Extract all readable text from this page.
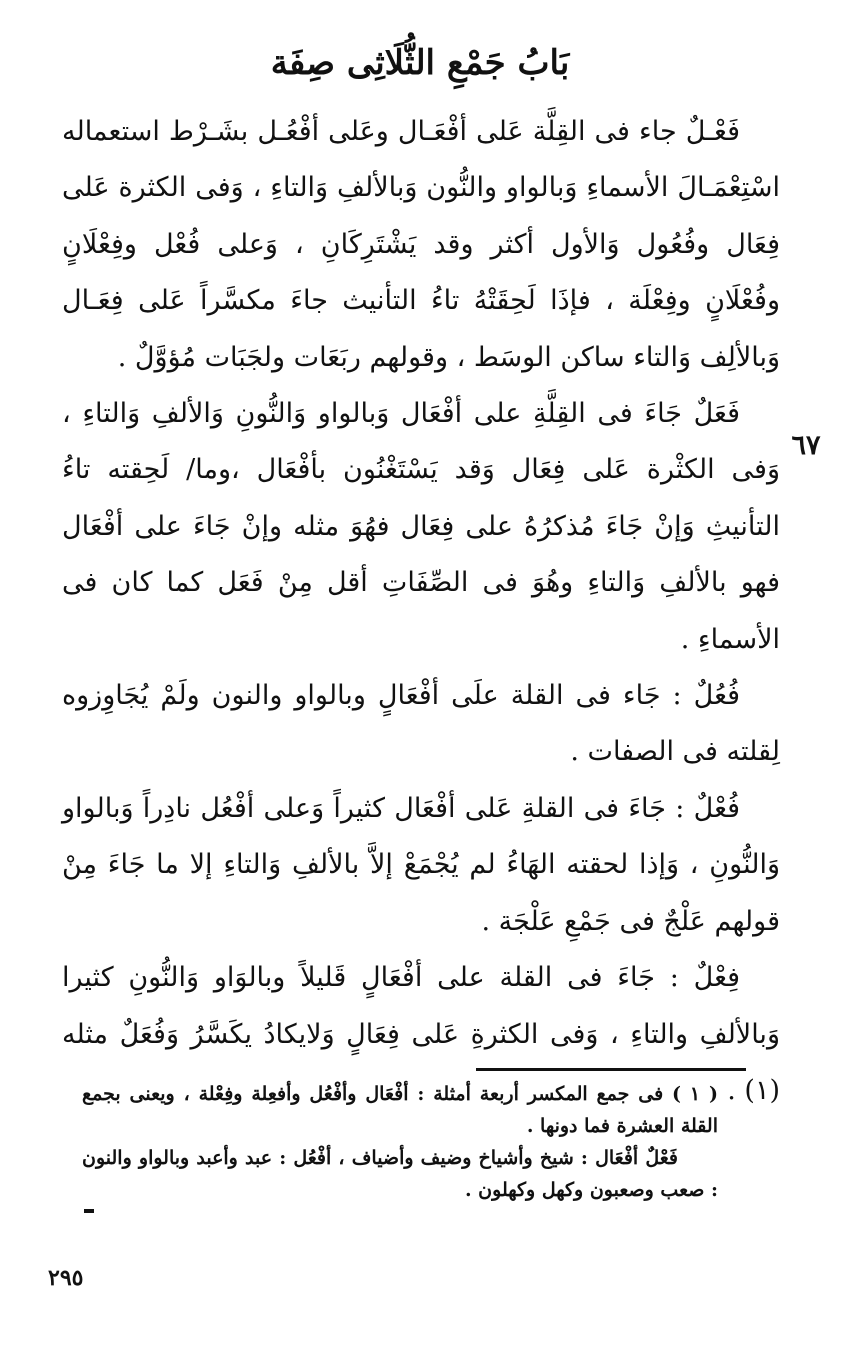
بَابُ جَمْعِ الثُّلَاثِى صِفَة
٦٧

فَعْـلٌ جاء فى القِلَّة عَلى أفْعَـال وعَلى أفْعُـل بشَـرْط استعماله اسْتِعْمَـالَ الأسماءِ وَبالواو والنُّون وَبالألفِ وَالتاءِ ، وَفى الكثرة عَلى فِعَال وفُعُول وَالأول أكثر وقد يَشْتَرِكَانِ ، وَعلى فُعْل وفِعْلَانٍ وفُعْلَانٍ وفِعْلَة ، فإذَا لَحِقَتْهُ تاءُ التأنيث جاءَ مكسَّراً عَلى فِعَـال وَبالألِف وَالتاء ساكن الوسَط ، وقولهم ربَعَات ولجَبَات مُؤوَّلٌ .

فَعَلٌ جَاءَ فى القِلَّةِ على أفْعَال وَبالواو وَالنُّونِ وَالألفِ وَالتاءِ ، وَفى الكثْرة عَلى فِعَال وَقد يَسْتَغْنُون بأفْعَال ،وما/ لَحِقته تاءُ التأنيثِ وَإنْ جَاءَ مُذكرُهُ على فِعَال فهُوَ مثله وإنْ جَاءَ على أفْعَال فهو بالألفِ وَالتاءِ وهُوَ فى الصِّفَاتِ أقل مِنْ فَعَل كما كان فى الأسماءِ .

فُعُلٌ : جَاء فى القلة علَى أفْعَالٍ وبالواو والنون ولَمْ يُجَاوِزوه لِقلته فى الصفات .

فُعْلٌ : جَاءَ فى القلةِ عَلى أفْعَال كثيراً وَعلى أفْعُل نادِراً وَبالواو وَالنُّونِ ، وَإذا لحقته الهَاءُ لم يُجْمَعْ إلاَّ بالألفِ وَالتاءِ إلا ما جَاءَ مِنْ قولهم عَلْجٌ فى جَمْعِ عَلْجَة .

فِعْلٌ : جَاءَ فى القلة على أفْعَالٍ قَليلاً وبالوَاو وَالنُّونِ كثيرا وَبالألفِ والتاءِ ، وَفى الكثرةِ عَلى فِعَالٍ وَلايكادُ يكَسَّرُ وَفُعَلٌ مثله (١) .

( ١ ) فى جمع المكسر أربعة أمثلة : أفْعَال وأفْعُل وأفعِلة وفِعْلة ، ويعنى بجمع القلة العشرة فما دونها .

فَعْلٌ أفْعَال : شيخ وأشياخ وضيف وأضياف ، أفْعُل : عبد وأعبد وبالواو والنون : صعب وصعبون وكهل وكهلون .

٢٩٥
